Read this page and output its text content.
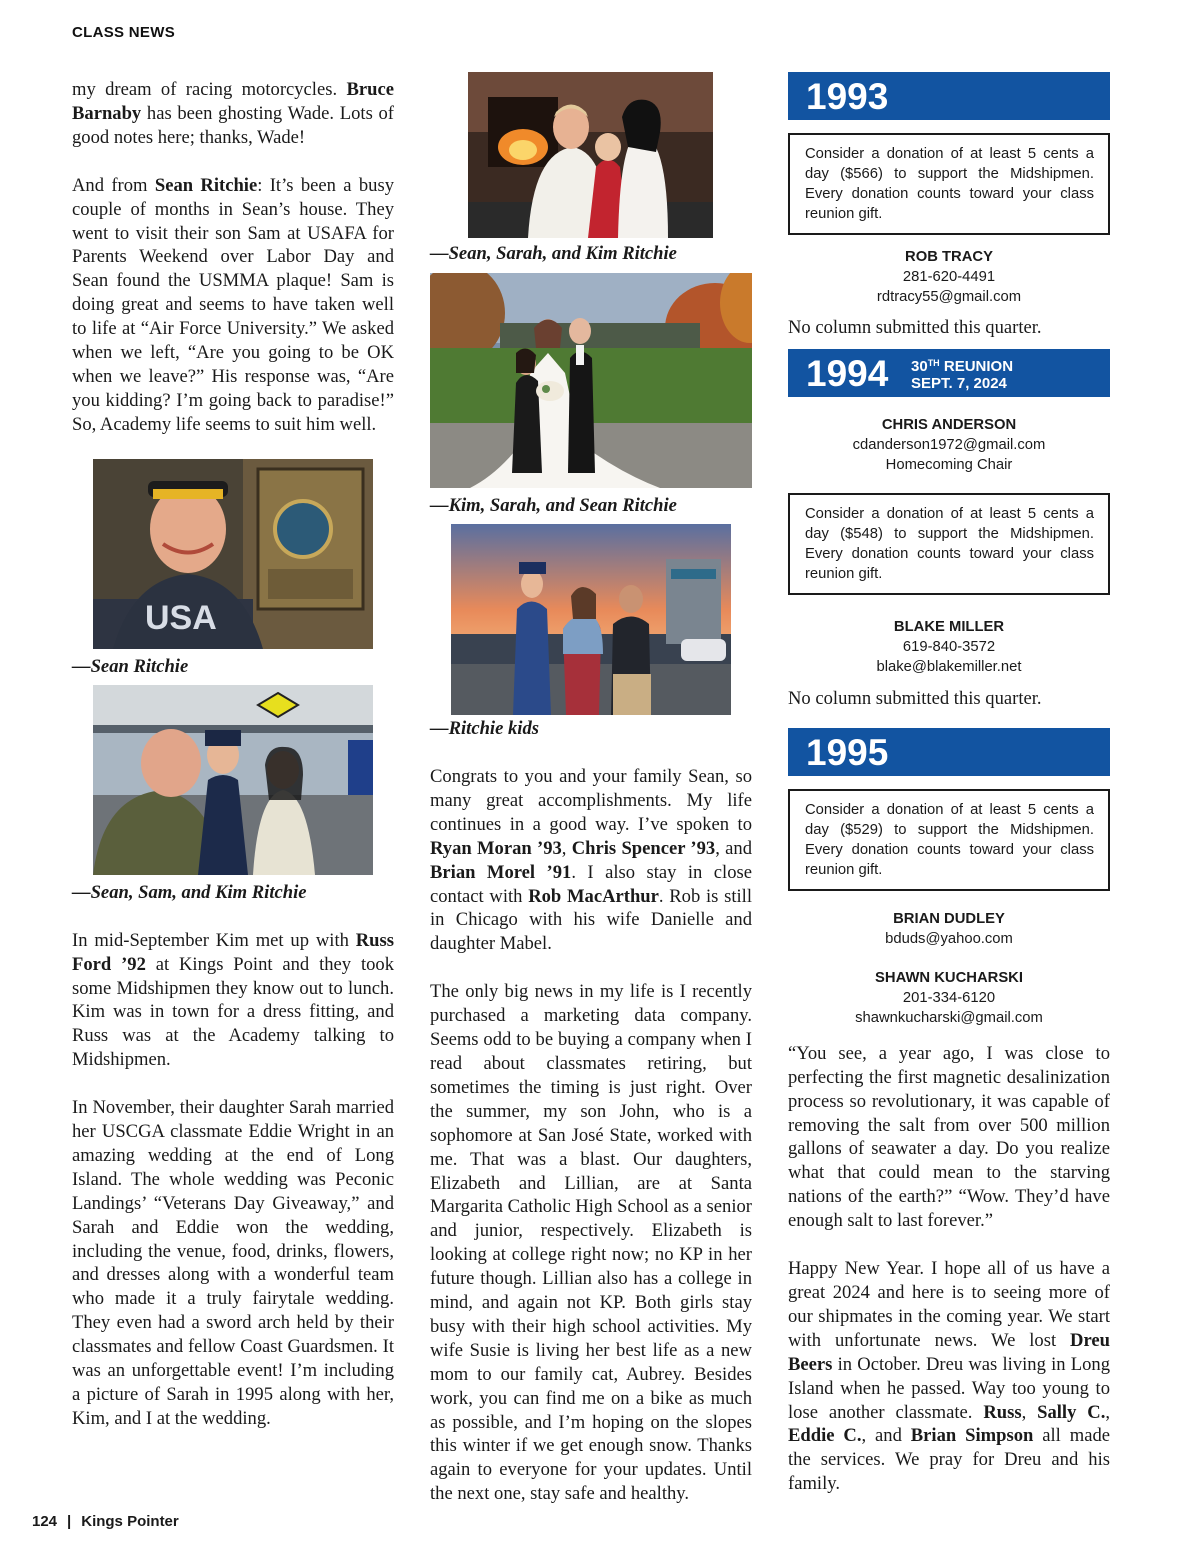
CLASS NEWS

my dream of racing motorcycles. Bruce Barnaby has been ghosting Wade. Lots of good notes here; thanks, Wade!

And from Sean Ritchie: It’s been a busy couple of months in Sean’s house. They went to visit their son Sam at USAFA for Parents Weekend over Labor Day and Sean found the USMMA plaque! Sam is doing great and seems to have taken well to life at “Air Force University.” We asked when we left, “Are you going to be OK when we leave?” His response was, “Are you kidding? I’m going back to paradise!” So, Academy life seems to suit him well.

USA

—Sean Ritchie

—Sean, Sam, and Kim Ritchie

In mid-September Kim met up with Russ Ford ’92 at Kings Point and they took some Midshipmen they know out to lunch. Kim was in town for a dress fitting, and Russ was at the Academy talking to Midshipmen.

In November, their daughter Sarah married her USCGA classmate Eddie Wright in an amazing wedding at the end of Long Island. The whole wedding was Peconic Landings’ “Veterans Day Giveaway,” and Sarah and Eddie won the wedding, including the venue, food, drinks, flowers, and dresses along with a wonderful team who made it a truly fairytale wedding. They even had a sword arch held by their classmates and fellow Coast Guardsmen. It was an unforgettable event! I’m including a picture of Sarah in 1995 along with her, Kim, and I at the wedding.

—Sean, Sarah, and Kim Ritchie

—Kim, Sarah, and Sean Ritchie

—Ritchie kids

Congrats to you and your family Sean, so many great accomplishments. My life continues in a good way. I’ve spoken to Ryan Moran ’93, Chris Spencer ’93, and Brian Morel ’91. I also stay in close contact with Rob MacArthur. Rob is still in Chicago with his wife Danielle and daughter Mabel.

The only big news in my life is I recently purchased a marketing data company. Seems odd to be buying a company when I read about classmates retiring, but sometimes the timing is just right. Over the summer, my son John, who is a sophomore at San José State, worked with me. That was a blast. Our daughters, Elizabeth and Lillian, are at Santa Margarita Catholic High School as a senior and junior, respectively. Elizabeth is looking at college right now; no KP in her future though. Lillian also has a college in mind, and again not KP. Both girls stay busy with their high school activities. My wife Susie is living her best life as a new mom to our family cat, Aubrey. Besides work, you can find me on a bike as much as possible, and I’m hoping on the slopes this winter if we get enough snow. Thanks again to everyone for your updates. Until the next one, stay safe and healthy.

1993
Consider a donation of at least 5 cents a day ($566) to support the Midshipmen. Every donation counts toward your class reunion gift.
ROB TRACY
281-620-4491
rdtracy55@gmail.com

No column submitted this quarter.

1994 30TH REUNION
SEPT. 7, 2024
CHRIS ANDERSON
cdanderson1972@gmail.com
Homecoming Chair
Consider a donation of at least 5 cents a day ($548) to support the Midshipmen. Every donation counts toward your class reunion gift.
BLAKE MILLER
619-840-3572
blake@blakemiller.net

No column submitted this quarter.

1995
Consider a donation of at least 5 cents a day ($529) to support the Midshipmen. Every donation counts toward your class reunion gift.
BRIAN DUDLEY
bduds@yahoo.com
SHAWN KUCHARSKI
201-334-6120
shawnkucharski@gmail.com

“You see, a year ago, I was close to perfecting the first magnetic desalinization process so revolutionary, it was capable of removing the salt from over 500 million gallons of seawater a day. Do you realize what that could mean to the starving nations of the earth?” “Wow. They’d have enough salt to last forever.”

Happy New Year. I hope all of us have a great 2024 and here is to seeing more of our shipmates in the coming year. We start with unfortunate news. We lost Dreu Beers in October. Dreu was living in Long Island when he passed. Way too young to lose another classmate. Russ, Sally C., Eddie C., and Brian Simpson all made the services. We pray for Dreu and his family.

124 | Kings Pointer
